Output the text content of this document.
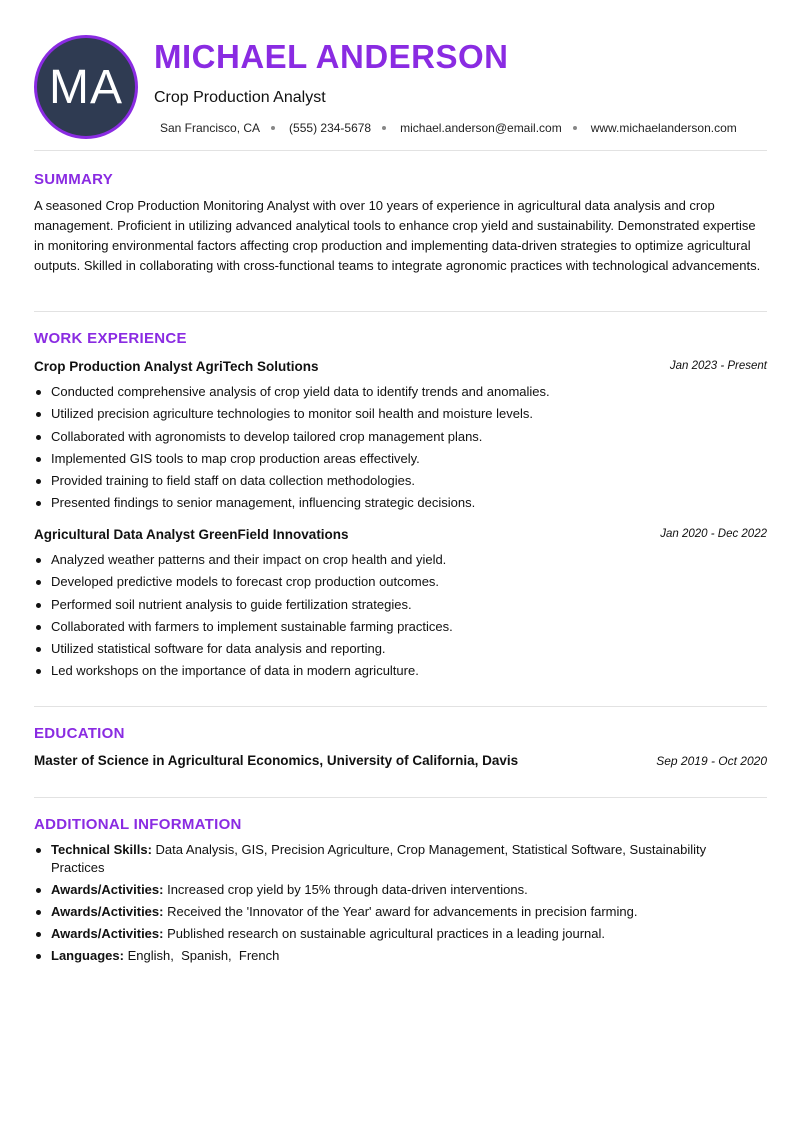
MA
MICHAEL ANDERSON
Crop Production Analyst
San Francisco, CA (555) 234-5678 michael.anderson@email.com www.michaelanderson.com
SUMMARY
A seasoned Crop Production Monitoring Analyst with over 10 years of experience in agricultural data analysis and crop management. Proficient in utilizing advanced analytical tools to enhance crop yield and sustainability. Demonstrated expertise in monitoring environmental factors affecting crop production and implementing data-driven strategies to optimize agricultural outputs. Skilled in collaborating with cross-functional teams to integrate agronomic practices with technological advancements.
WORK EXPERIENCE
Crop Production Analyst AgriTech Solutions	Jan 2023 - Present
Conducted comprehensive analysis of crop yield data to identify trends and anomalies.
Utilized precision agriculture technologies to monitor soil health and moisture levels.
Collaborated with agronomists to develop tailored crop management plans.
Implemented GIS tools to map crop production areas effectively.
Provided training to field staff on data collection methodologies.
Presented findings to senior management, influencing strategic decisions.
Agricultural Data Analyst GreenField Innovations	Jan 2020 - Dec 2022
Analyzed weather patterns and their impact on crop health and yield.
Developed predictive models to forecast crop production outcomes.
Performed soil nutrient analysis to guide fertilization strategies.
Collaborated with farmers to implement sustainable farming practices.
Utilized statistical software for data analysis and reporting.
Led workshops on the importance of data in modern agriculture.
EDUCATION
Master of Science in Agricultural Economics, University of California, Davis	Sep 2019 - Oct 2020
ADDITIONAL INFORMATION
Technical Skills: Data Analysis, GIS, Precision Agriculture, Crop Management, Statistical Software, Sustainability Practices
Awards/Activities: Increased crop yield by 15% through data-driven interventions.
Awards/Activities: Received the 'Innovator of the Year' award for advancements in precision farming.
Awards/Activities: Published research on sustainable agricultural practices in a leading journal.
Languages: English,  Spanish,  French
